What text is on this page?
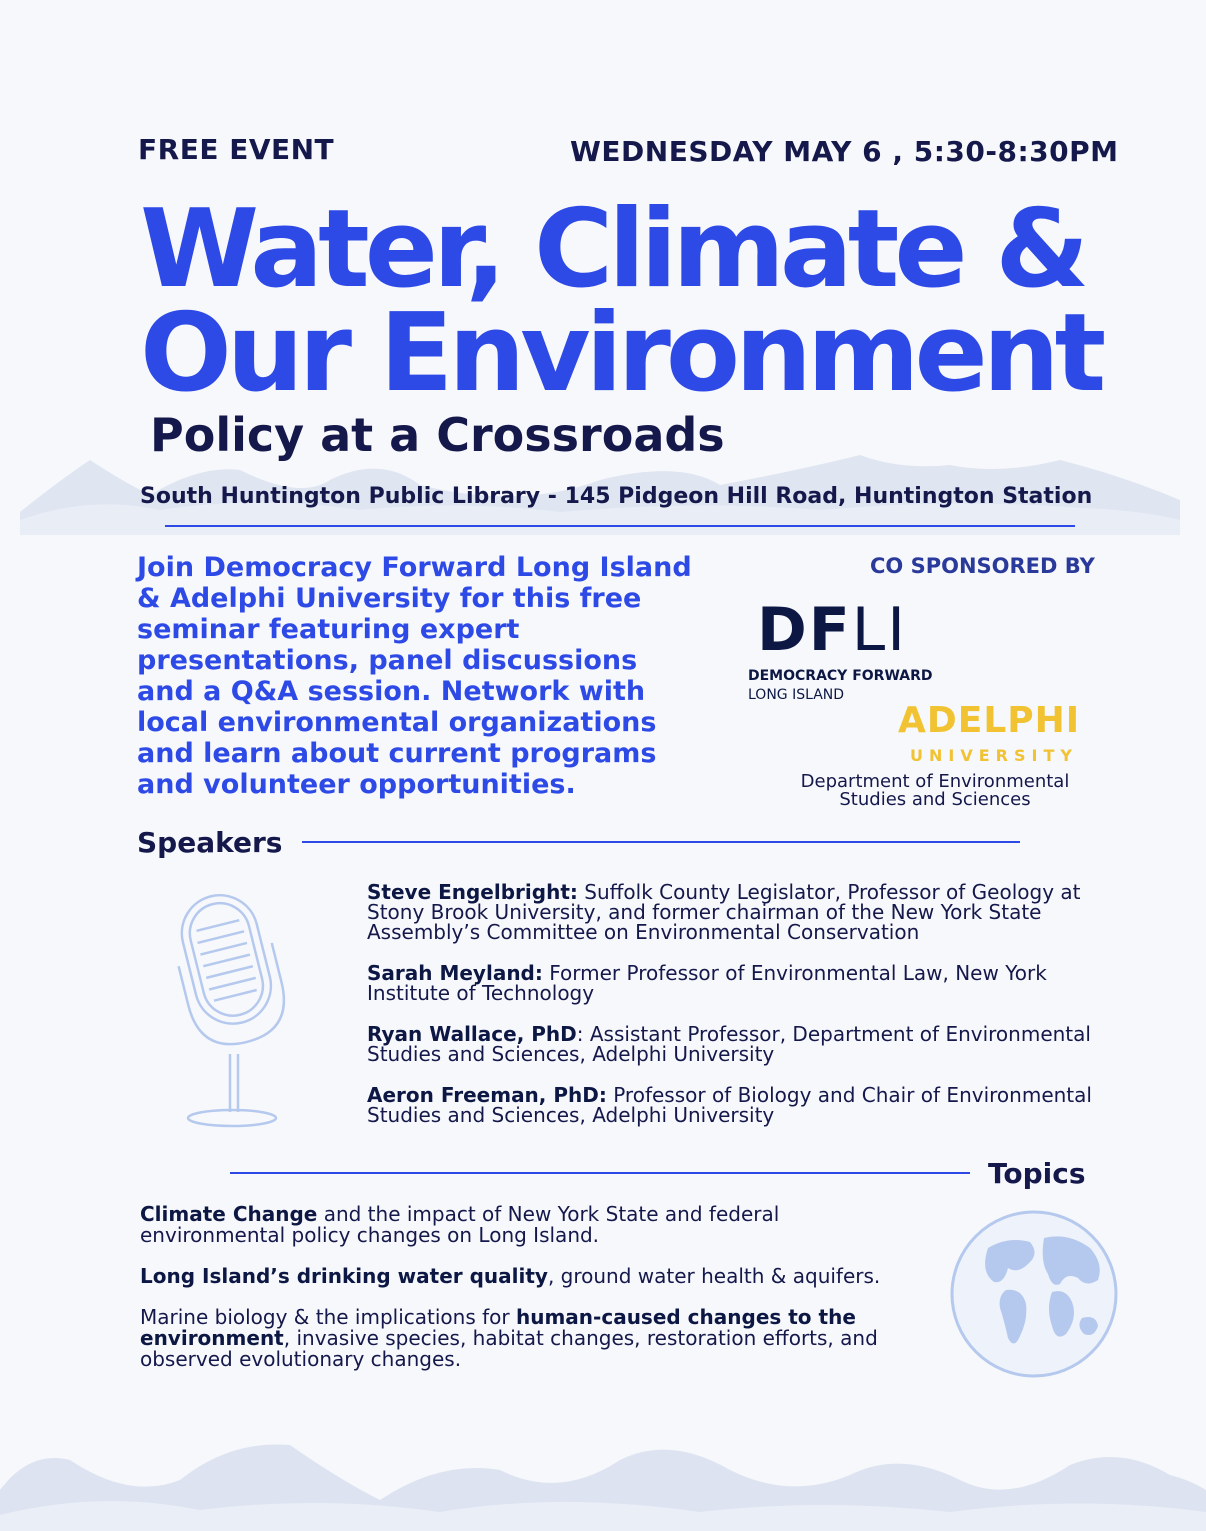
FREE EVENT	WEDNESDAY MAY 6 , 5:30-8:30PM
Water, Climate &
Our Environment
Policy at a Crossroads
South Huntington Public Library - 145 Pidgeon Hill Road, Huntington Station
Join Democracy Forward Long Island & Adelphi University for this free seminar featuring expert presentations, panel discussions and a Q&A session. Network with local environmental organizations and learn about current programs and volunteer opportunities.
CO SPONSORED BY
DFLI
DEMOCRACY FORWARD
LONG ISLAND
ADELPHI
UNIVERSITY
Department of Environmental Studies and Sciences
Speakers
Steve Engelbright: Suffolk County Legislator, Professor of Geology at Stony Brook University, and former chairman of the New York State Assembly’s Committee on Environmental Conservation
Sarah Meyland: Former Professor of Environmental Law, New York Institute of Technology
Ryan Wallace, PhD: Assistant Professor, Department of Environmental Studies and Sciences, Adelphi University
Aeron Freeman, PhD: Professor of Biology and Chair of Environmental Studies and Sciences, Adelphi University
Topics
Climate Change and the impact of New York State and federal environmental policy changes on Long Island.
Long Island’s drinking water quality, ground water health & aquifers.
Marine biology & the implications for human-caused changes to the environment, invasive species, habitat changes, restoration efforts, and observed evolutionary changes.
